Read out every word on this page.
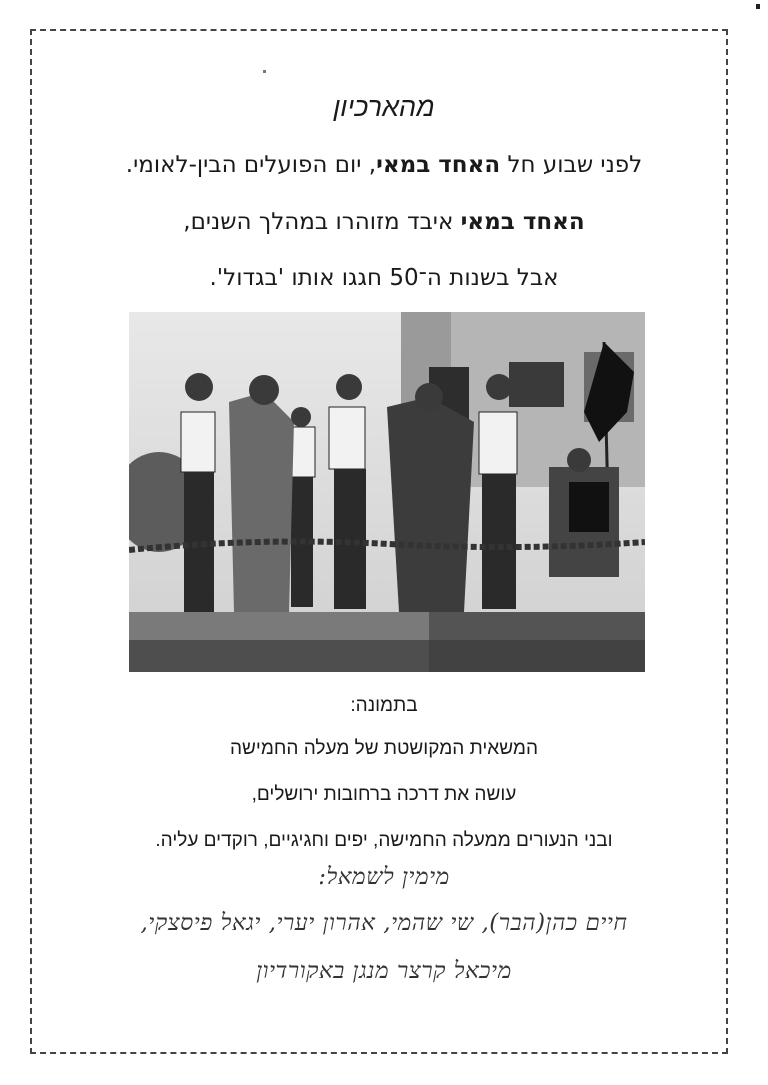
מהארכיון
לפני שבוע חל האחד במאי, יום הפועלים הבין-לאומי.
האחד במאי איבד מזוהרו במהלך השנים,
אבל בשנות ה־50 חגגו אותו 'בגדול'.
בתמונה:
המשאית המקושטת של מעלה החמישה
עושה את דרכה ברחובות ירושלים,
ובני הנעורים ממעלה החמישה, יפים וחגיגיים, רוקדים עליה.
מימין לשמאל:
חיים כהן(הבר), שי שהמי, אהרון יערי, יגאל פיסצקי,
מיכאל קרצר מנגן באקורדיון
